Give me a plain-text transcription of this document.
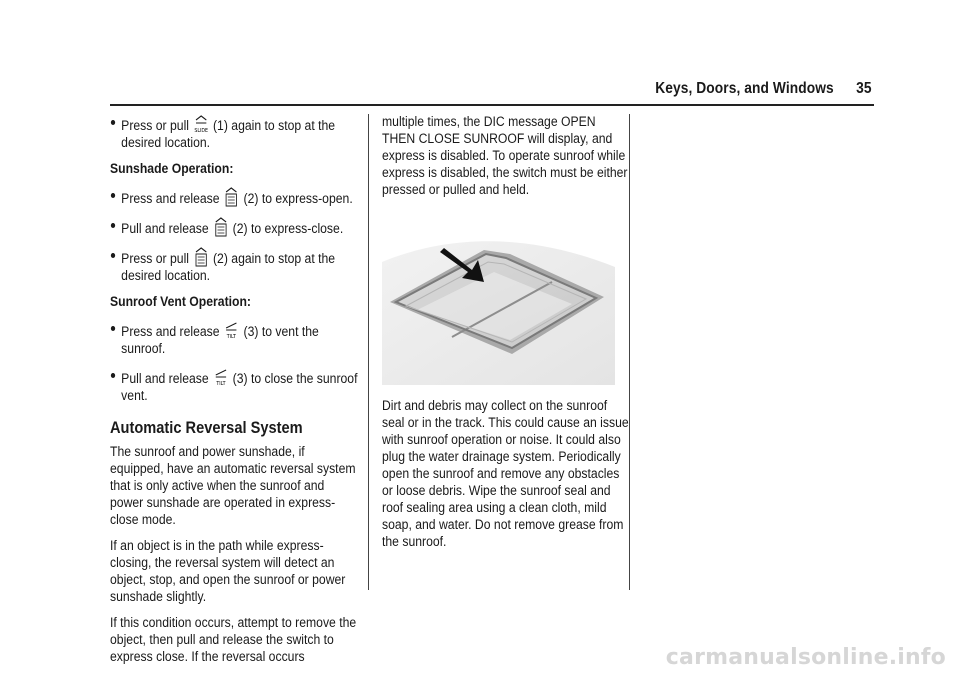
Keys, Doors, and Windows 35
Press or pull SLIDE (1) again to stop at the desired location.

Sunshade Operation:

Press and release (2) to express-open.
Pull and release (2) to express-close.
Press or pull (2) again to stop at the desired location.

Sunroof Vent Operation:

Press and release TILT (3) to vent the sunroof.
Pull and release TILT (3) to close the sunroof vent.
Automatic Reversal System

The sunroof and power sunshade, if equipped, have an automatic reversal system that is only active when the sunroof and power sunshade are operated in express-close mode.

If an object is in the path while express-closing, the reversal system will detect an object, stop, and open the sunroof or power sunshade slightly.

If this condition occurs, attempt to remove the object, then pull and release the switch to express close. If the reversal occurs

multiple times, the DIC message OPEN THEN CLOSE SUNROOF will display, and express is disabled. To operate sunroof while express is disabled, the switch must be either pressed or pulled and held.

Dirt and debris may collect on the sunroof seal or in the track. This could cause an issue with sunroof operation or noise. It could also plug the water drainage system. Periodically open the sunroof and remove any obstacles or loose debris. Wipe the sunroof seal and roof sealing area using a clean cloth, mild soap, and water. Do not remove grease from the sunroof.

carmanualsonline.info
